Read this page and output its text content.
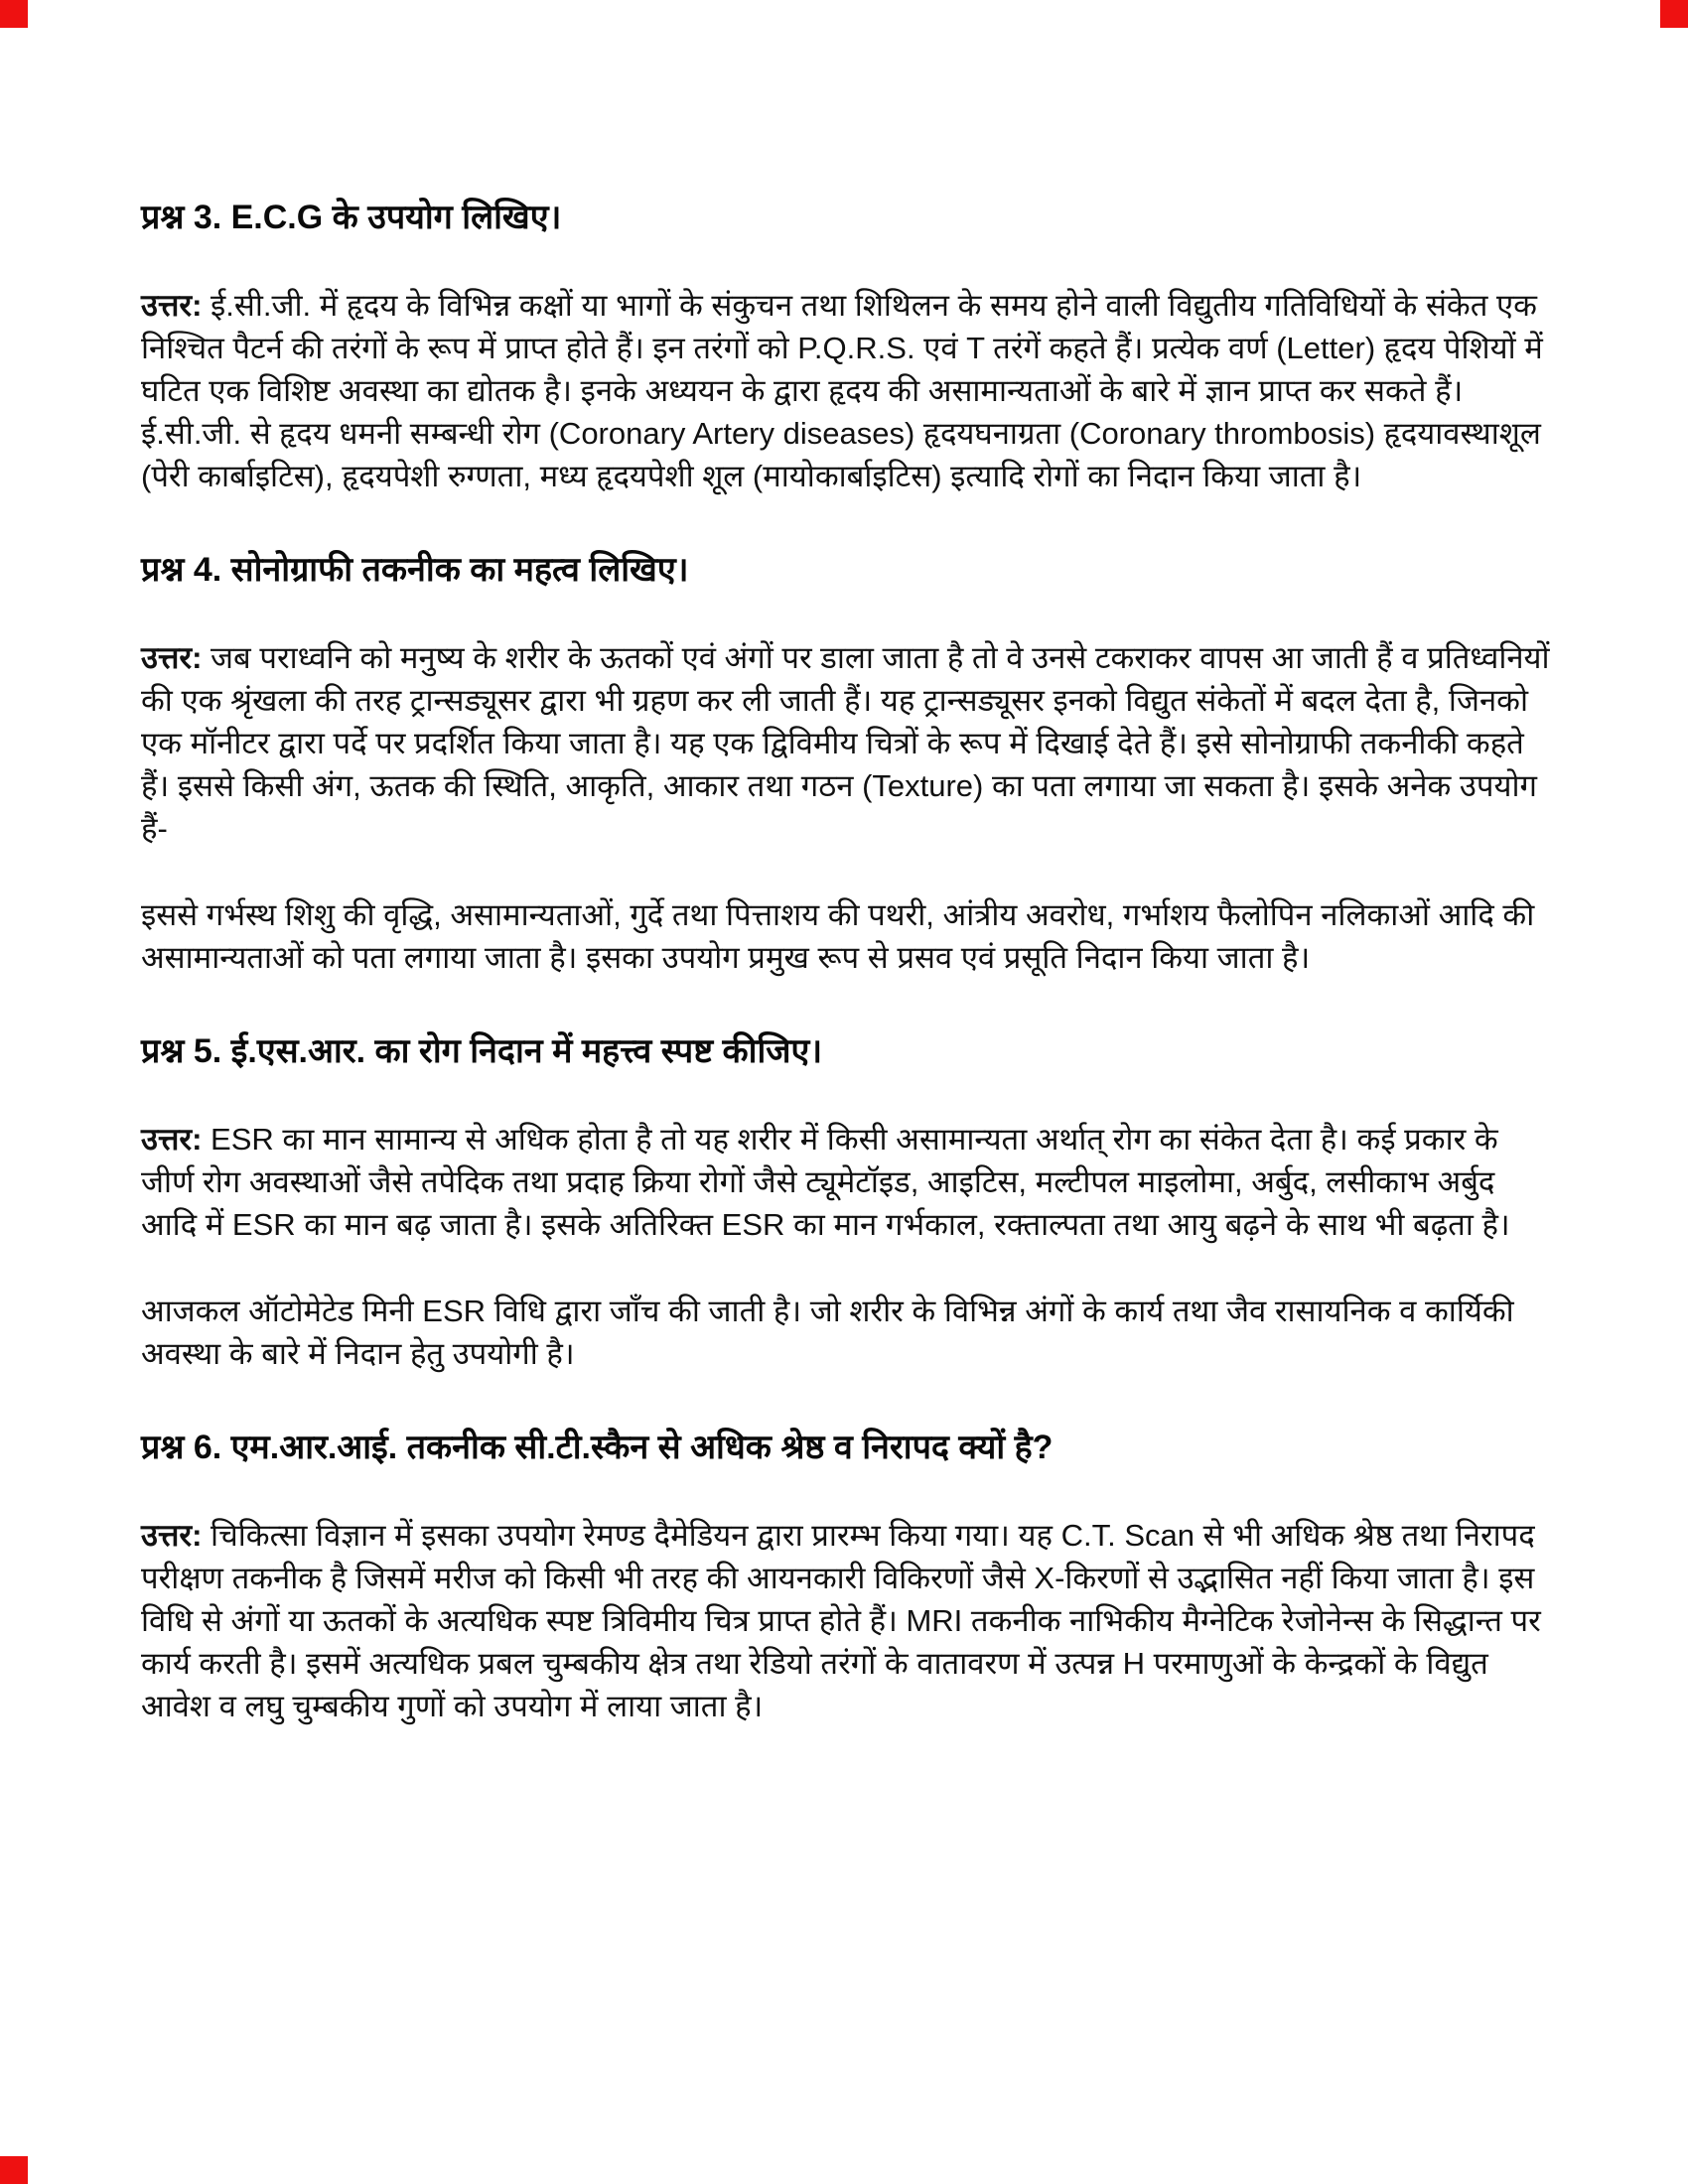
प्रश्न 3. E.C.G के उपयोग लिखिए।

उत्तर: ई.सी.जी. में हृदय के विभिन्न कक्षों या भागों के संकुचन तथा शिथिलन के समय होने वाली विद्युतीय गतिविधियों के संकेत एक निश्चित पैटर्न की तरंगों के रूप में प्राप्त होते हैं। इन तरंगों को P.Q.R.S. एवं T तरंगें कहते हैं। प्रत्येक वर्ण (Letter) हृदय पेशियों में घटित एक विशिष्ट अवस्था का द्योतक है। इनके अध्ययन के द्वारा हृदय की असामान्यताओं के बारे में ज्ञान प्राप्त कर सकते हैं। ई.सी.जी. से हृदय धमनी सम्बन्धी रोग (Coronary Artery diseases) हृदयघनाग्रता (Coronary thrombosis) हृदयावस्थाशूल (पेरी कार्बाइटिस), हृदयपेशी रुग्णता, मध्य हृदयपेशी शूल (मायोकार्बाइटिस) इत्यादि रोगों का निदान किया जाता है।

प्रश्न 4. सोनोग्राफी तकनीक का महत्व लिखिए।

उत्तर: जब पराध्वनि को मनुष्य के शरीर के ऊतकों एवं अंगों पर डाला जाता है तो वे उनसे टकराकर वापस आ जाती हैं व प्रतिध्वनियों की एक श्रृंखला की तरह ट्रान्सड्यूसर द्वारा भी ग्रहण कर ली जाती हैं। यह ट्रान्सड्यूसर इनको विद्युत संकेतों में बदल देता है, जिनको एक मॉनीटर द्वारा पर्दे पर प्रदर्शित किया जाता है। यह एक द्विविमीय चित्रों के रूप में दिखाई देते हैं। इसे सोनोग्राफी तकनीकी कहते हैं। इससे किसी अंग, ऊतक की स्थिति, आकृति, आकार तथा गठन (Texture) का पता लगाया जा सकता है। इसके अनेक उपयोग हैं-

इससे गर्भस्थ शिशु की वृद्धि, असामान्यताओं, गुर्दे तथा पित्ताशय की पथरी, आंत्रीय अवरोध, गर्भाशय फैलोपिन नलिकाओं आदि की असामान्यताओं को पता लगाया जाता है। इसका उपयोग प्रमुख रूप से प्रसव एवं प्रसूति निदान किया जाता है।

प्रश्न 5. ई.एस.आर. का रोग निदान में महत्त्व स्पष्ट कीजिए।

उत्तर: ESR का मान सामान्य से अधिक होता है तो यह शरीर में किसी असामान्यता अर्थात् रोग का संकेत देता है। कई प्रकार के जीर्ण रोग अवस्थाओं जैसे तपेदिक तथा प्रदाह क्रिया रोगों जैसे ट्यूमेटॉइड, आइटिस, मल्टीपल माइलोमा, अर्बुद, लसीकाभ अर्बुद आदि में ESR का मान बढ़ जाता है। इसके अतिरिक्त ESR का मान गर्भकाल, रक्ताल्पता तथा आयु बढ़ने के साथ भी बढ़ता है।

आजकल ऑटोमेटेड मिनी ESR विधि द्वारा जाँच की जाती है। जो शरीर के विभिन्न अंगों के कार्य तथा जैव रासायनिक व कार्यिकी अवस्था के बारे में निदान हेतु उपयोगी है।

प्रश्न 6. एम.आर.आई. तकनीक सी.टी.स्कैन से अधिक श्रेष्ठ व निरापद क्यों है?

उत्तर: चिकित्सा विज्ञान में इसका उपयोग रेमण्ड दैमेडियन द्वारा प्रारम्भ किया गया। यह C.T. Scan से भी अधिक श्रेष्ठ तथा निरापद परीक्षण तकनीक है जिसमें मरीज को किसी भी तरह की आयनकारी विकिरणों जैसे X-किरणों से उद्भासित नहीं किया जाता है। इस विधि से अंगों या ऊतकों के अत्यधिक स्पष्ट त्रिविमीय चित्र प्राप्त होते हैं। MRI तकनीक नाभिकीय मैग्नेटिक रेजोनेन्स के सिद्धान्त पर कार्य करती है। इसमें अत्यधिक प्रबल चुम्बकीय क्षेत्र तथा रेडियो तरंगों के वातावरण में उत्पन्न H परमाणुओं के केन्द्रकों के विद्युत आवेश व लघु चुम्बकीय गुणों को उपयोग में लाया जाता है।
